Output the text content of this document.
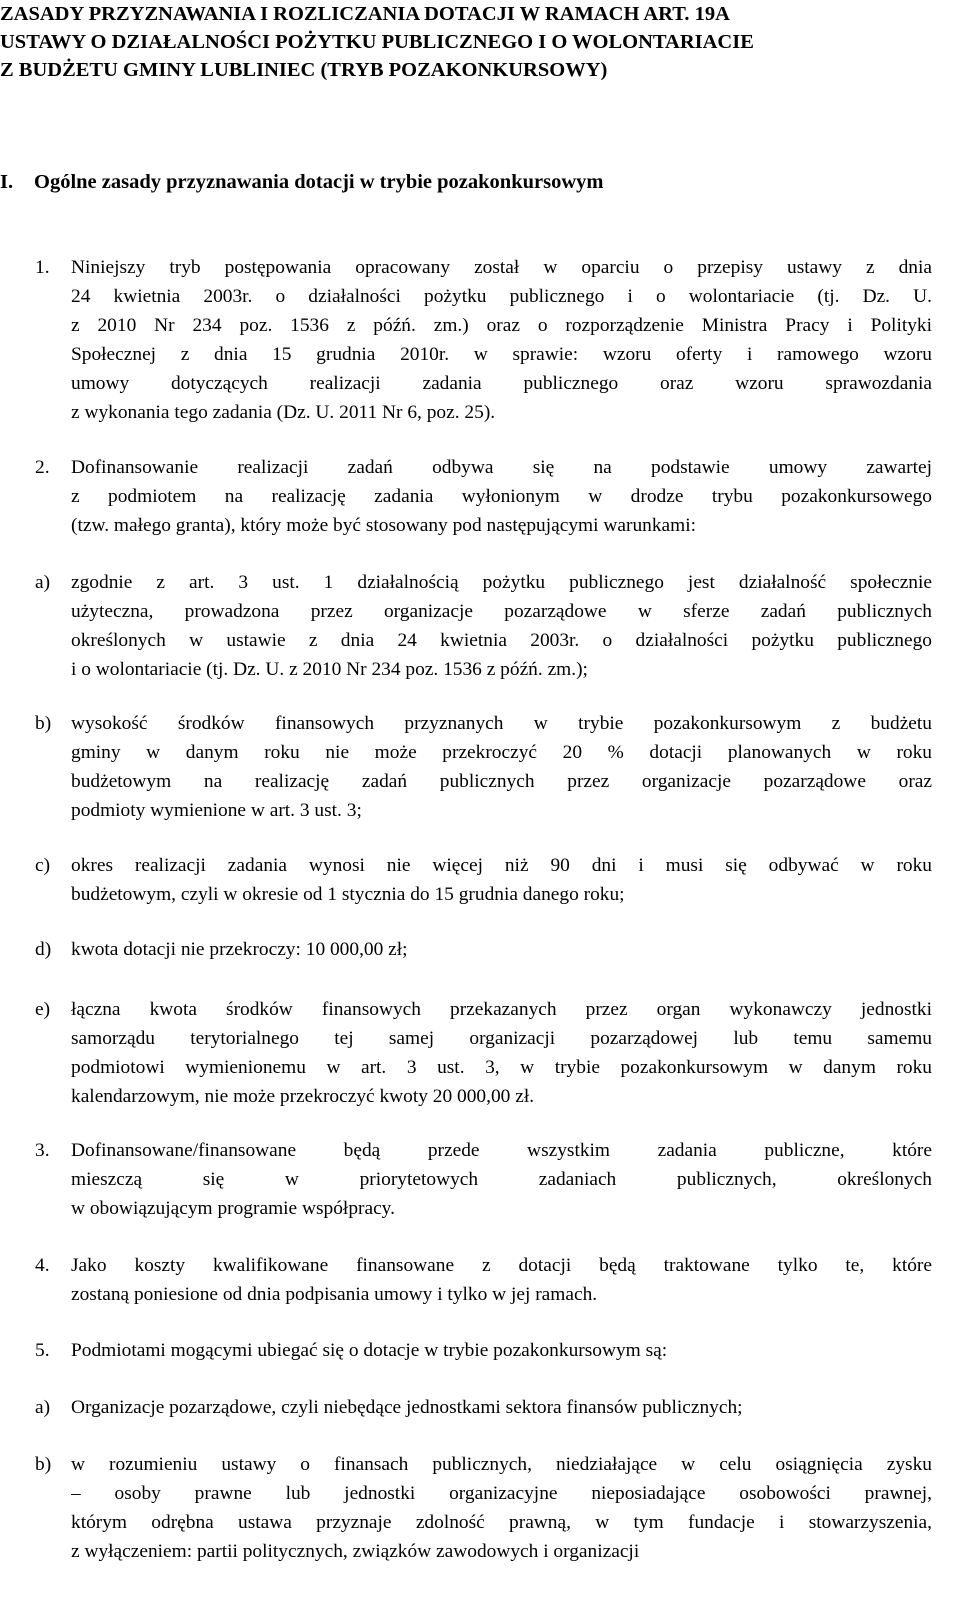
ZASADY PRZYZNAWANIA I ROZLICZANIA DOTACJI W RAMACH ART. 19A
USTAWY O DZIAŁALNOŚCI POŻYTKU PUBLICZNEGO I O WOLONTARIACIE
Z BUDŻETU GMINY LUBLINIEC (TRYB POZAKONKURSOWY)
I. Ogólne zasady przyznawania dotacji w trybie pozakonkursowym
1.	Niniejszy tryb postępowania opracowany został w oparciu o przepisy ustawy z dnia
24 kwietnia 2003r. o działalności pożytku publicznego i o wolontariacie (tj. Dz. U.
z 2010 Nr 234 poz. 1536 z późń. zm.) oraz o rozporządzenie Ministra Pracy i Polityki
Społecznej z dnia 15 grudnia 2010r. w sprawie: wzoru oferty i ramowego wzoru
umowy dotyczących realizacji zadania publicznego oraz wzoru sprawozdania
z wykonania tego zadania (Dz. U. 2011 Nr 6, poz. 25).
2.	Dofinansowanie realizacji zadań odbywa się na podstawie umowy zawartej
z podmiotem na realizację zadania wyłonionym w drodze trybu pozakonkursowego
(tzw. małego granta), który może być stosowany pod następującymi warunkami:
a)	zgodnie z art. 3 ust. 1 działalnością pożytku publicznego jest działalność społecznie
użyteczna, prowadzona przez organizacje pozarządowe w sferze zadań publicznych
określonych w ustawie z dnia 24 kwietnia 2003r. o działalności pożytku publicznego
i o wolontariacie (tj. Dz. U. z 2010 Nr 234 poz. 1536 z późń. zm.);
b)	wysokość środków finansowych przyznanych w trybie pozakonkursowym z budżetu
gminy w danym roku nie może przekroczyć 20 % dotacji planowanych w roku
budżetowym na realizację zadań publicznych przez organizacje pozarządowe oraz
podmioty wymienione w art. 3 ust. 3;
c)	okres realizacji zadania wynosi nie więcej niż 90 dni i musi się odbywać w roku
budżetowym, czyli w okresie od 1 stycznia do 15 grudnia danego roku;
d)	kwota dotacji nie przekroczy: 10 000,00 zł;
e)	łączna kwota środków finansowych przekazanych przez organ wykonawczy jednostki
samorządu terytorialnego tej samej organizacji pozarządowej lub temu samemu
podmiotowi wymienionemu w art. 3 ust. 3, w trybie pozakonkursowym w danym roku
kalendarzowym, nie może przekroczyć kwoty 20 000,00 zł.
3.	Dofinansowane/finansowane będą przede wszystkim zadania publiczne, które
mieszczą się w priorytetowych zadaniach publicznych, określonych
w obowiązującym programie współpracy.
4.	Jako koszty kwalifikowane finansowane z dotacji będą traktowane tylko te, które
zostaną poniesione od dnia podpisania umowy i tylko w jej ramach.
5.	Podmiotami mogącymi ubiegać się o dotacje w trybie pozakonkursowym są:
a)	Organizacje pozarządowe, czyli niebędące jednostkami sektora finansów publicznych;
b)	w rozumieniu ustawy o finansach publicznych, niedziałające w celu osiągnięcia zysku
– osoby prawne lub jednostki organizacyjne nieposiadające osobowości prawnej,
którym odrębna ustawa przyznaje zdolność prawną, w tym fundacje i stowarzyszenia,
z wyłączeniem: partii politycznych, związków zawodowych i organizacji
